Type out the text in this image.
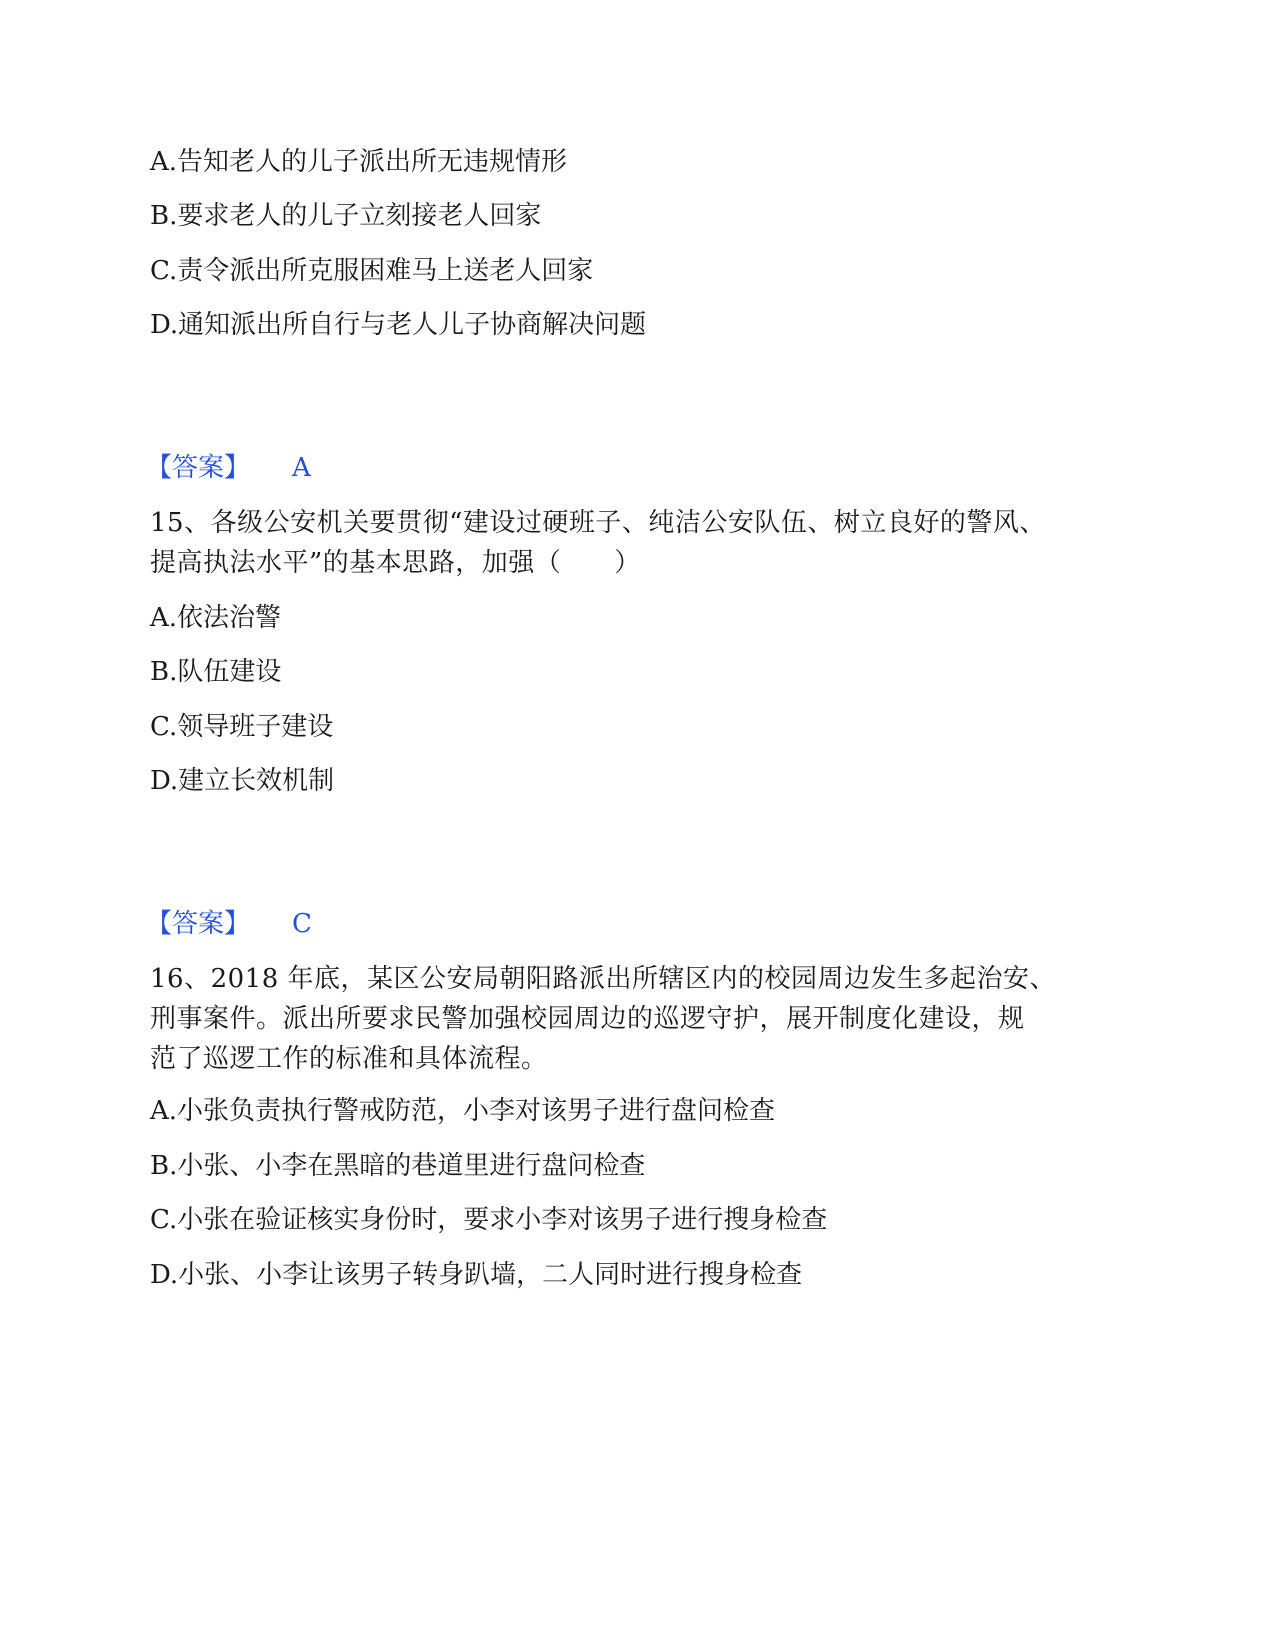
A.告知老人的儿子派出所无违规情形
B.要求老人的儿子立刻接老人回家
C.责令派出所克服困难马上送老人回家
D.通知派出所自行与老人儿子协商解决问题
【答案】 A
15、各级公安机关要贯彻“建设过硬班子、纯洁公安队伍、树立良好的警风、
提高执法水平”的基本思路，加强（　　）
A.依法治警
B.队伍建设
C.领导班子建设
D.建立长效机制
【答案】 C
16、2018 年底，某区公安局朝阳路派出所辖区内的校园周边发生多起治安、
刑事案件。派出所要求民警加强校园周边的巡逻守护，展开制度化建设，规
范了巡逻工作的标准和具体流程。
A.小张负责执行警戒防范，小李对该男子进行盘问检查
B.小张、小李在黑暗的巷道里进行盘问检查
C.小张在验证核实身份时，要求小李对该男子进行搜身检查
D.小张、小李让该男子转身趴墙，二人同时进行搜身检查
